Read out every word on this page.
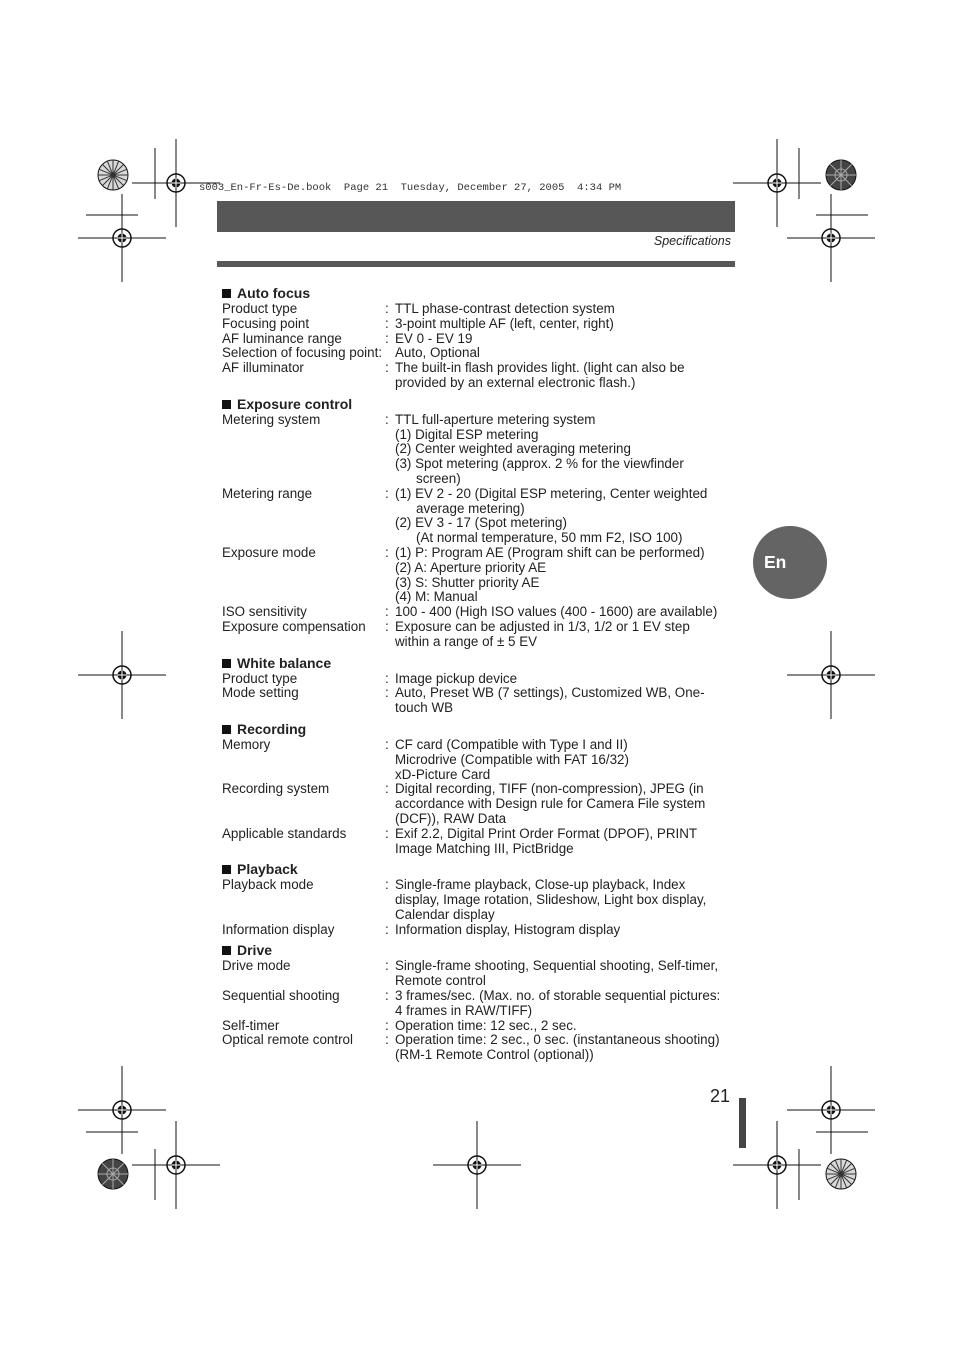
s003_En-Fr-Es-De.book  Page 21  Tuesday, December 27, 2005  4:34 PM
Specifications
En
Auto focus
Product type	: TTL phase-contrast detection system
Focusing point	: 3-point multiple AF (left, center, right)
AF luminance range	: EV 0 - EV 19
Selection of focusing point: Auto, Optional
AF illuminator	: The built-in flash provides light. (light can also be
provided by an external electronic flash.)
Exposure control
Metering system	: TTL full-aperture metering system
(1) Digital ESP metering
(2) Center weighted averaging metering
(3) Spot metering (approx. 2 % for the viewfinder
screen)
Metering range	: (1) EV 2 - 20 (Digital ESP metering, Center weighted
average metering)
(2) EV 3 - 17 (Spot metering)
(At normal temperature, 50 mm F2, ISO 100)
Exposure mode	: (1) P: Program AE (Program shift can be performed)
(2) A: Aperture priority AE
(3) S: Shutter priority AE
(4) M: Manual
ISO sensitivity	: 100 - 400 (High ISO values (400 - 1600) are available)
Exposure compensation	: Exposure can be adjusted in 1/3, 1/2 or 1 EV step
within a range of ± 5 EV
White balance
Product type	: Image pickup device
Mode setting	: Auto, Preset WB (7 settings), Customized WB, One-
touch WB
Recording
Memory	: CF card (Compatible with Type I and II)
Microdrive (Compatible with FAT 16/32)
xD-Picture Card
Recording system	: Digital recording, TIFF (non-compression), JPEG (in
accordance with Design rule for Camera File system
(DCF)), RAW Data
Applicable standards	: Exif 2.2, Digital Print Order Format (DPOF), PRINT
Image Matching III, PictBridge
Playback
Playback mode	: Single-frame playback, Close-up playback, Index
display, Image rotation, Slideshow, Light box display,
Calendar display
Information display	: Information display, Histogram display
Drive
Drive mode	: Single-frame shooting, Sequential shooting, Self-timer,
Remote control
Sequential shooting	: 3 frames/sec. (Max. no. of storable sequential pictures:
4 frames in RAW/TIFF)
Self-timer	: Operation time: 12 sec., 2 sec.
Optical remote control	: Operation time: 2 sec., 0 sec. (instantaneous shooting)
(RM-1 Remote Control (optional))
21
